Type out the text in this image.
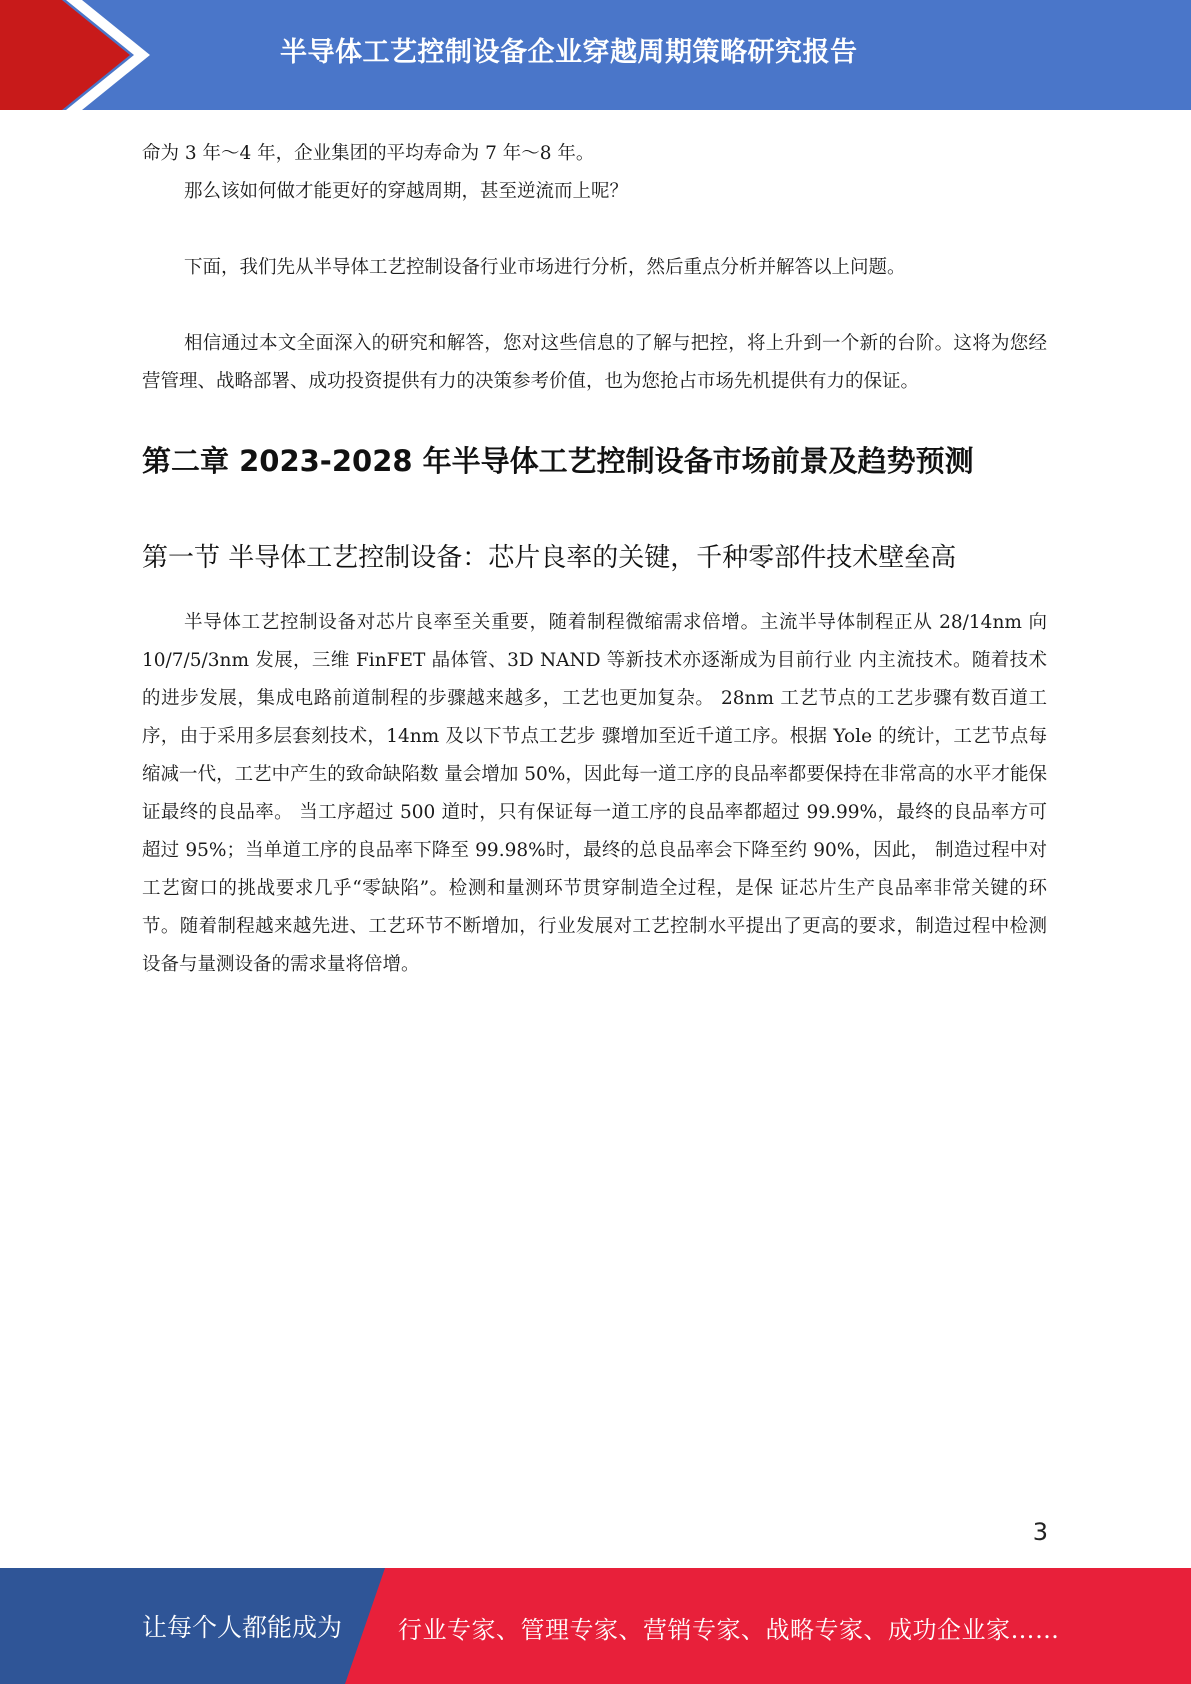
半导体工艺控制设备企业穿越周期策略研究报告

命为 3 年～4 年，企业集团的平均寿命为 7 年～8 年。

那么该如何做才能更好的穿越周期，甚至逆流而上呢？

下面，我们先从半导体工艺控制设备行业市场进行分析，然后重点分析并解答以上问题。

相信通过本文全面深入的研究和解答，您对这些信息的了解与把控，将上升到一个新的台阶。这将为您经营管理、战略部署、成功投资提供有力的决策参考价值，也为您抢占市场先机提供有力的保证。

第二章 2023-2028 年半导体工艺控制设备市场前景及趋势预测
第一节 半导体工艺控制设备：芯片良率的关键，千种零部件技术壁垒高

半导体工艺控制设备对芯片良率至关重要，随着制程微缩需求倍增。主流半导体制程正从 28/14nm 向 10/7/5/3nm 发展，三维 FinFET 晶体管、3D NAND 等新技术亦逐渐成为目前行业 内主流技术。随着技术的进步发展，集成电路前道制程的步骤越来越多，工艺也更加复杂。 28nm 工艺节点的工艺步骤有数百道工序，由于采用多层套刻技术，14nm 及以下节点工艺步 骤增加至近千道工序。根据 Yole 的统计，工艺节点每缩减一代，工艺中产生的致命缺陷数 量会增加 50%，因此每一道工序的良品率都要保持在非常高的水平才能保证最终的良品率。 当工序超过 500 道时，只有保证每一道工序的良品率都超过 99.99%，最终的良品率方可 超过 95%；当单道工序的良品率下降至 99.98%时，最终的总良品率会下降至约 90%，因此， 制造过程中对工艺窗口的挑战要求几乎“零缺陷”。检测和量测环节贯穿制造全过程，是保 证芯片生产良品率非常关键的环节。随着制程越来越先进、工艺环节不断增加，行业发展对工艺控制水平提出了更高的要求，制造过程中检测设备与量测设备的需求量将倍增。

3
让每个人都能成为 行业专家、管理专家、营销专家、战略专家、成功企业家……
